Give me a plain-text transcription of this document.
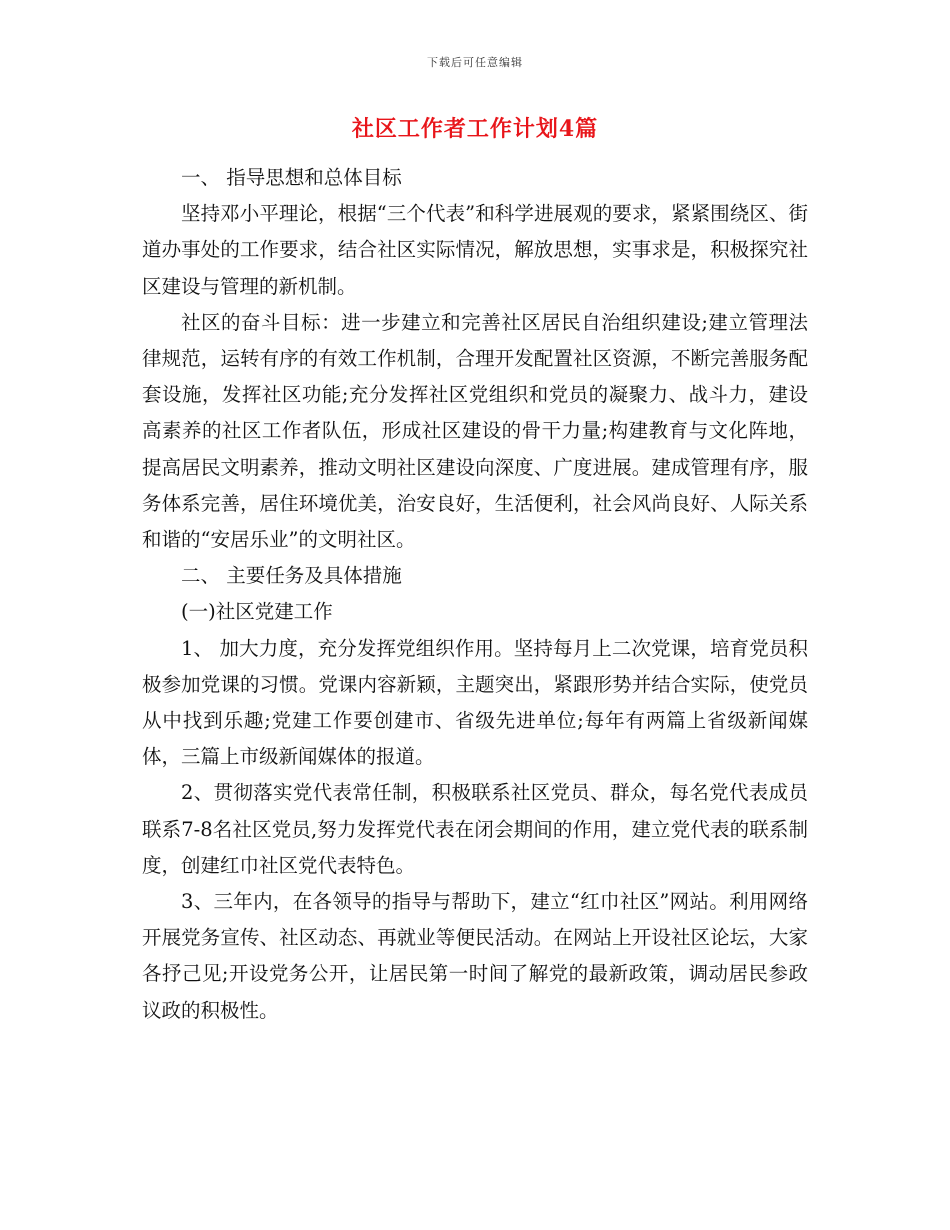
下载后可任意编辑
社区工作者工作计划4篇

一、 指导思想和总体目标

坚持邓小平理论，根据“三个代表”和科学进展观的要求，紧紧围绕区、街道办事处的工作要求，结合社区实际情况，解放思想，实事求是，积极探究社区建设与管理的新机制。

社区的奋斗目标：进一步建立和完善社区居民自治组织建设;建立管理法律规范，运转有序的有效工作机制，合理开发配置社区资源，不断完善服务配套设施，发挥社区功能;充分发挥社区党组织和党员的凝聚力、战斗力，建设高素养的社区工作者队伍，形成社区建设的骨干力量;构建教育与文化阵地，提高居民文明素养，推动文明社区建设向深度、广度进展。建成管理有序，服务体系完善，居住环境优美，治安良好，生活便利，社会风尚良好、人际关系和谐的“安居乐业”的文明社区。

二、 主要任务及具体措施

(一)社区党建工作

1、 加大力度，充分发挥党组织作用。坚持每月上二次党课，培育党员积极参加党课的习惯。党课内容新颖，主题突出，紧跟形势并结合实际，使党员从中找到乐趣;党建工作要创建市、省级先进单位;每年有两篇上省级新闻媒体，三篇上市级新闻媒体的报道。

2、贯彻落实党代表常任制，积极联系社区党员、群众，每名党代表成员联系7-8名社区党员,努力发挥党代表在闭会期间的作用，建立党代表的联系制度，创建红巾社区党代表特色。

3、三年内，在各领导的指导与帮助下，建立“红巾社区”网站。利用网络开展党务宣传、社区动态、再就业等便民活动。在网站上开设社区论坛，大家各抒己见;开设党务公开，让居民第一时间了解党的最新政策，调动居民参政议政的积极性。
